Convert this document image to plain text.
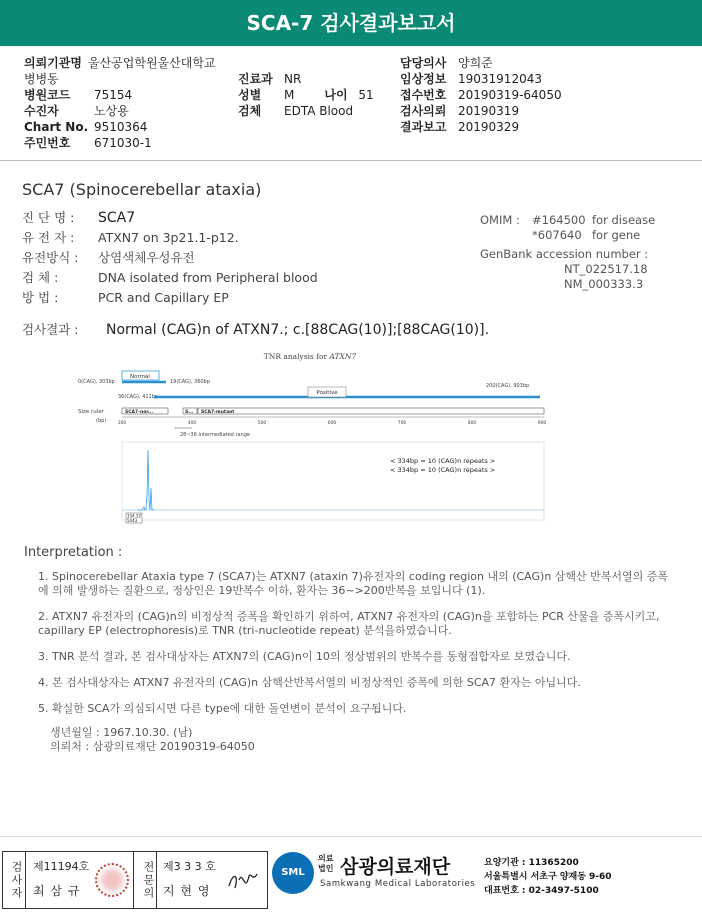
SCA-7 검사결과보고서
의뢰기관명 울산공업학원울산대학교병병동
병원코드 75154
수진자	노상용
Chart No. 9510364
주민번호 671030-1
진료과 NR
성별 M	나이 51
검체 EDTA Blood
담당의사 양희준
임상정보 19031912043
접수번호 20190319-64050
검사의뢰 20190319
결과보고 20190329
SCA7 (Spinocerebellar ataxia)
진 단 명 : SCA7
유 전 자 : ATXN7 on 3p21.1-p12.
유전방식 : 상염색체우성유전
검 체 :	DNA isolated from Peripheral blood
방 법 :	PCR and Capillary EP
OMIM : #164500 for disease
*607640 for gene
GenBank accession number :
NT_022517.18
NM_000333.3
검사결과 : Normal (CAG)n of ATXN7.; c.[88CAG(10)];[88CAG(10)].
TNR analysis for ATXN7
Normal
0(CAG), 303bp	19(CAG), 360bp
36(CAG), 411bp
Positive
200(CAG), 903bp
Size ruler
(bp)
SCA7-nor...	S... SCA7-mutant
300	400	500	600	700	800	900
28~36 intermediated range
< 334bp = 10 (CAG)n repeats >
< 334bp = 10 (CAG)n repeats >
334.32
5443
Interpretation :

1. Spinocerebellar Ataxia type 7 (SCA7)는 ATXN7 (ataxin 7)유전자의 coding region 내의 (CAG)n 삼핵산 반복서열의 증폭에 의해 발생하는 질환으로, 정상인은 19반복수 이하, 환자는 36~>200반복을 보입니다 (1).

2. ATXN7 유전자의 (CAG)n의 비정상적 증폭을 확인하기 위하여, ATXN7 유전자의 (CAG)n을 포함하는 PCR 산물을 증폭시키고, capillary EP (electrophoresis)로 TNR (tri-nucleotide repeat) 분석을하였습니다.

3. TNR 분석 결과, 본 검사대상자는 ATXN7의 (CAG)n이 10의 정상범위의 반복수를 동형접합자로 보였습니다.

4. 본 검사대상자는 ATXN7 유전자의 (CAG)n 삼핵산반복서열의 비정상적인 증폭에 의한 SCA7 환자는 아닙니다.

5. 확실한 SCA가 의심되시면 다른 type에 대한 돌연변이 분석이 요구됩니다.

생년월일 : 1967.10.30. (남)

의뢰처 : 삼광의료재단 20190319-64050

검사자 제11194호
최 삼 규	전문의 제3 3 3 호
지 현 영
SML
의료
법인 삼광의료재단
Samkwang Medical Laboratories
요양기관 : 11365200
서울특별시 서초구 양재동 9-60
대표번호 : 02-3497-5100
